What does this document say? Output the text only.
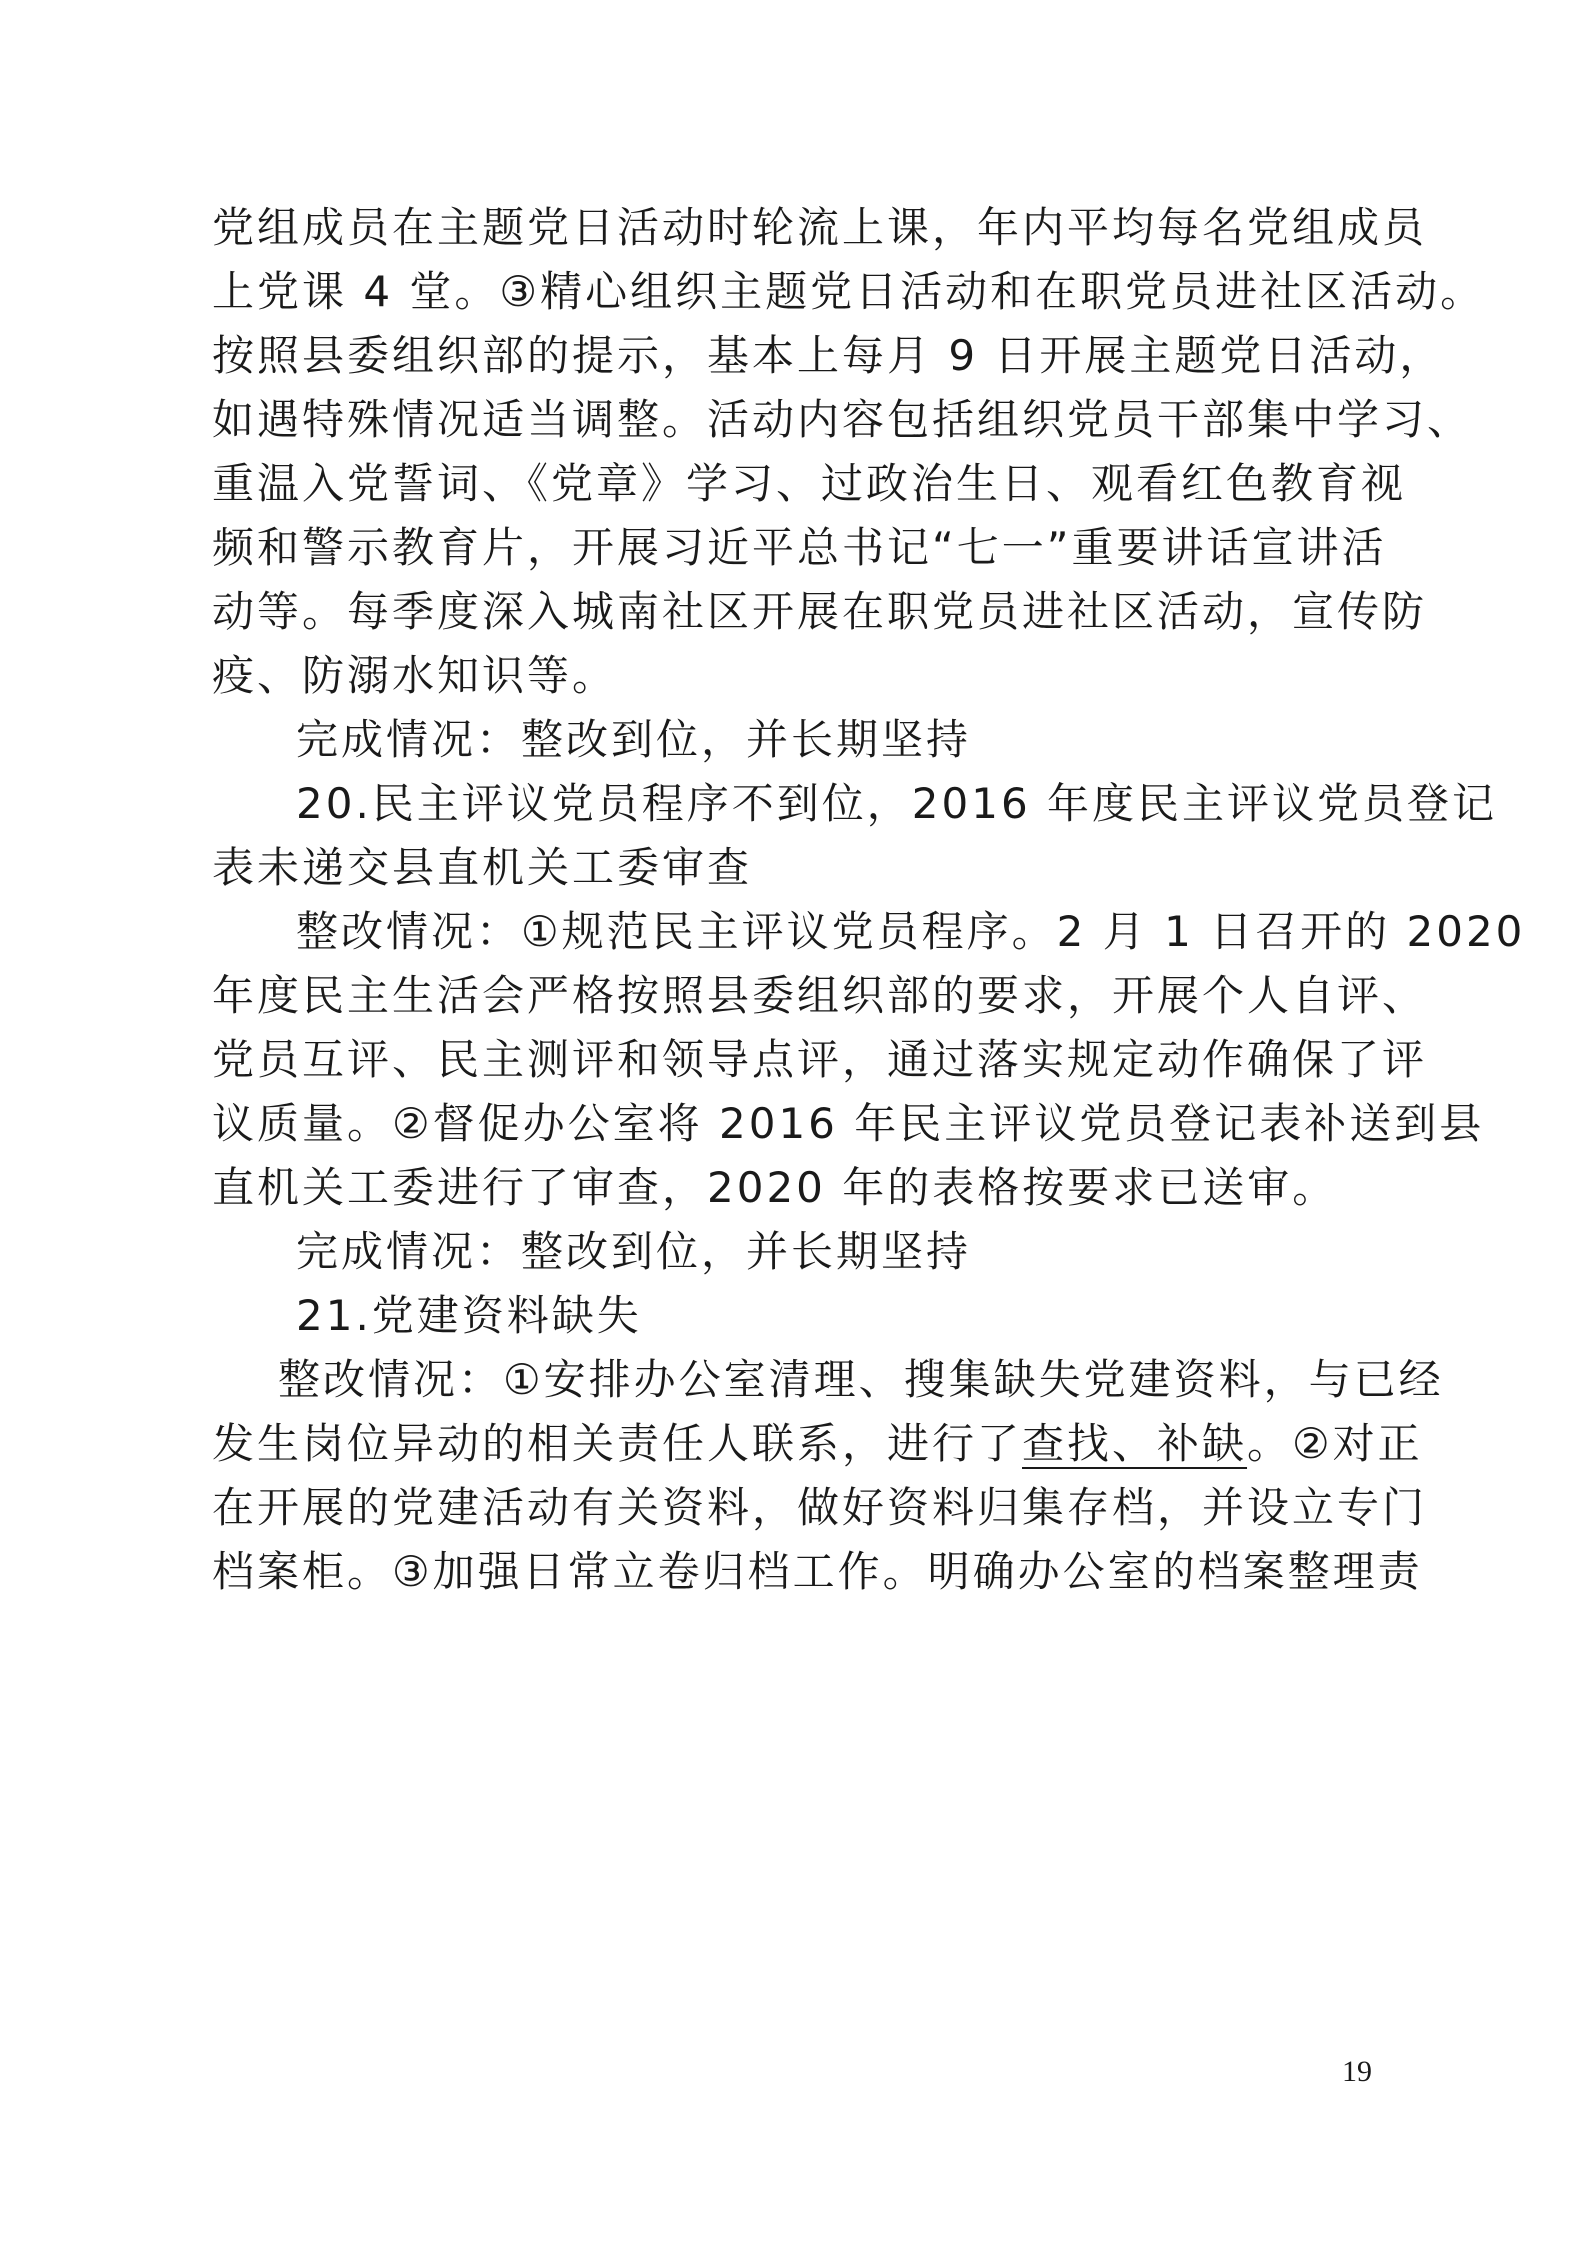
党组成员在主题党日活动时轮流上课，年内平均每名党组成员
上党课 4 堂。③精心组织主题党日活动和在职党员进社区活动。
按照县委组织部的提示，基本上每月 9 日开展主题党日活动，
如遇特殊情况适当调整。活动内容包括组织党员干部集中学习、
重温入党誓词、《党章》学习、过政治生日、观看红色教育视
频和警示教育片，开展习近平总书记“七一”重要讲话宣讲活
动等。每季度深入城南社区开展在职党员进社区活动，宣传防
疫、防溺水知识等。
完成情况：整改到位，并长期坚持
20.民主评议党员程序不到位，2016 年度民主评议党员登记
表未递交县直机关工委审查
整改情况：①规范民主评议党员程序。2 月 1 日召开的 2020
年度民主生活会严格按照县委组织部的要求，开展个人自评、
党员互评、民主测评和领导点评，通过落实规定动作确保了评
议质量。②督促办公室将 2016 年民主评议党员登记表补送到县
直机关工委进行了审查，2020 年的表格按要求已送审。
完成情况：整改到位，并长期坚持
21.党建资料缺失
整改情况：①安排办公室清理、搜集缺失党建资料，与已经
发生岗位异动的相关责任人联系，进行了查找、补缺。②对正
在开展的党建活动有关资料，做好资料归集存档，并设立专门
档案柜。③加强日常立卷归档工作。明确办公室的档案整理责
19
